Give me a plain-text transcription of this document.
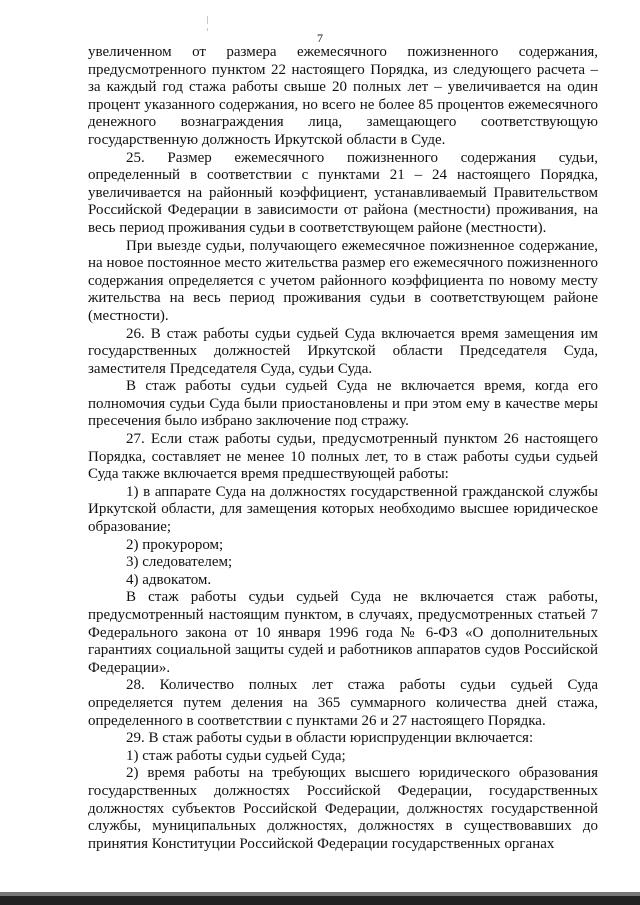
7

увеличенном от размера ежемесячного пожизненного содержания, предусмотренного пунктом 22 настоящего Порядка, из следующего расчета – за каждый год стажа работы свыше 20 полных лет – увеличивается на один процент указанного содержания, но всего не более 85 процентов ежемесячного денежного вознаграждения лица, замещающего соответствующую государственную должность Иркутской области в Суде.

25. Размер ежемесячного пожизненного содержания судьи, определенный в соответствии с пунктами 21 – 24 настоящего Порядка, увеличивается на районный коэффициент, устанавливаемый Правительством Российской Федерации в зависимости от района (местности) проживания, на весь период проживания судьи в соответствующем районе (местности).

При выезде судьи, получающего ежемесячное пожизненное содержание, на новое постоянное место жительства размер его ежемесячного пожизненного содержания определяется с учетом районного коэффициента по новому месту жительства на весь период проживания судьи в соответствующем районе (местности).

26. В стаж работы судьи судьей Суда включается время замещения им государственных должностей Иркутской области Председателя Суда, заместителя Председателя Суда, судьи Суда.

В стаж работы судьи судьей Суда не включается время, когда его полномочия судьи Суда были приостановлены и при этом ему в качестве меры пресечения было избрано заключение под стражу.

27. Если стаж работы судьи, предусмотренный пунктом 26 настоящего Порядка, составляет не менее 10 полных лет, то в стаж работы судьи судьей Суда также включается время предшествующей работы:

1) в аппарате Суда на должностях государственной гражданской службы Иркутской области, для замещения которых необходимо высшее юридическое образование;

2) прокурором;

3) следователем;

4) адвокатом.

В стаж работы судьи судьей Суда не включается стаж работы, предусмотренный настоящим пунктом, в случаях, предусмотренных статьей 7 Федерального закона от 10 января 1996 года № 6-ФЗ «О дополнительных гарантиях социальной защиты судей и работников аппаратов судов Российской Федерации».

28. Количество полных лет стажа работы судьи судьей Суда определяется путем деления на 365 суммарного количества дней стажа, определенного в соответствии с пунктами 26 и 27 настоящего Порядка.

29. В стаж работы судьи в области юриспруденции включается:

1) стаж работы судьи судьей Суда;

2) время работы на требующих высшего юридического образования государственных должностях Российской Федерации, государственных должностях субъектов Российской Федерации, должностях государственной службы, муниципальных должностях, должностях в существовавших до принятия Конституции Российской Федерации государственных органах
